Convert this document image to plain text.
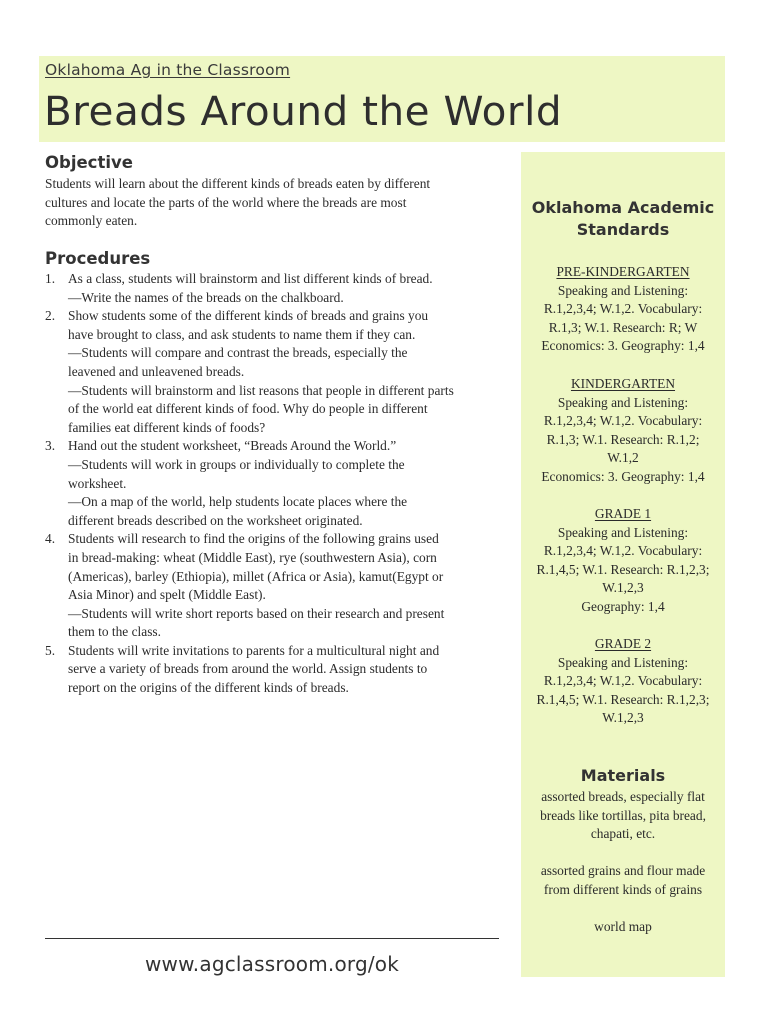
Oklahoma Ag in the Classroom
Breads Around the World
Objective
Students will learn about the different kinds of breads eaten by different
cultures and locate the parts of the world where the breads are most
commonly eaten.
Procedures
1. As a class, students will brainstorm and list different kinds of bread.
—Write the names of the breads on the chalkboard.
2. Show students some of the different kinds of breads and grains you
have brought to class, and ask students to name them if they can.
—Students will compare and contrast the breads, especially the
leavened and unleavened breads.
—Students will brainstorm and list reasons that people in different parts
of the world eat different kinds of food. Why do people in different
families eat different kinds of foods?
3. Hand out the student worksheet, “Breads Around the World.”
—Students will work in groups or individually to complete the
worksheet.
—On a map of the world, help students locate places where the
different breads described on the worksheet originated.
4. Students will research to find the origins of the following grains used
in bread-making: wheat (Middle East), rye (southwestern Asia), corn
(Americas), barley (Ethiopia), millet (Africa or Asia), kamut(Egypt or
Asia Minor) and spelt (Middle East).
—Students will write short reports based on their research and present
them to the class.
5. Students will write invitations to parents for a multicultural night and
serve a variety of breads from around the world. Assign students to
report on the origins of the different kinds of breads.
www.agclassroom.org/ok
Oklahoma Academic
Standards
PRE-KINDERGARTEN
Speaking and Listening:
R.1,2,3,4; W.1,2. Vocabulary:
R.1,3; W.1. Research: R; W
Economics: 3. Geography: 1,4
KINDERGARTEN
Speaking and Listening:
R.1,2,3,4; W.1,2. Vocabulary:
R.1,3; W.1. Research: R.1,2;
W.1,2
Economics: 3. Geography: 1,4
GRADE 1
Speaking and Listening:
R.1,2,3,4; W.1,2. Vocabulary:
R.1,4,5; W.1. Research: R.1,2,3;
W.1,2,3
Geography: 1,4
GRADE 2
Speaking and Listening:
R.1,2,3,4; W.1,2. Vocabulary:
R.1,4,5; W.1. Research: R.1,2,3;
W.1,2,3
Materials
assorted breads, especially flat
breads like tortillas, pita bread,
chapati, etc.
assorted grains and flour made
from different kinds of grains
world map
